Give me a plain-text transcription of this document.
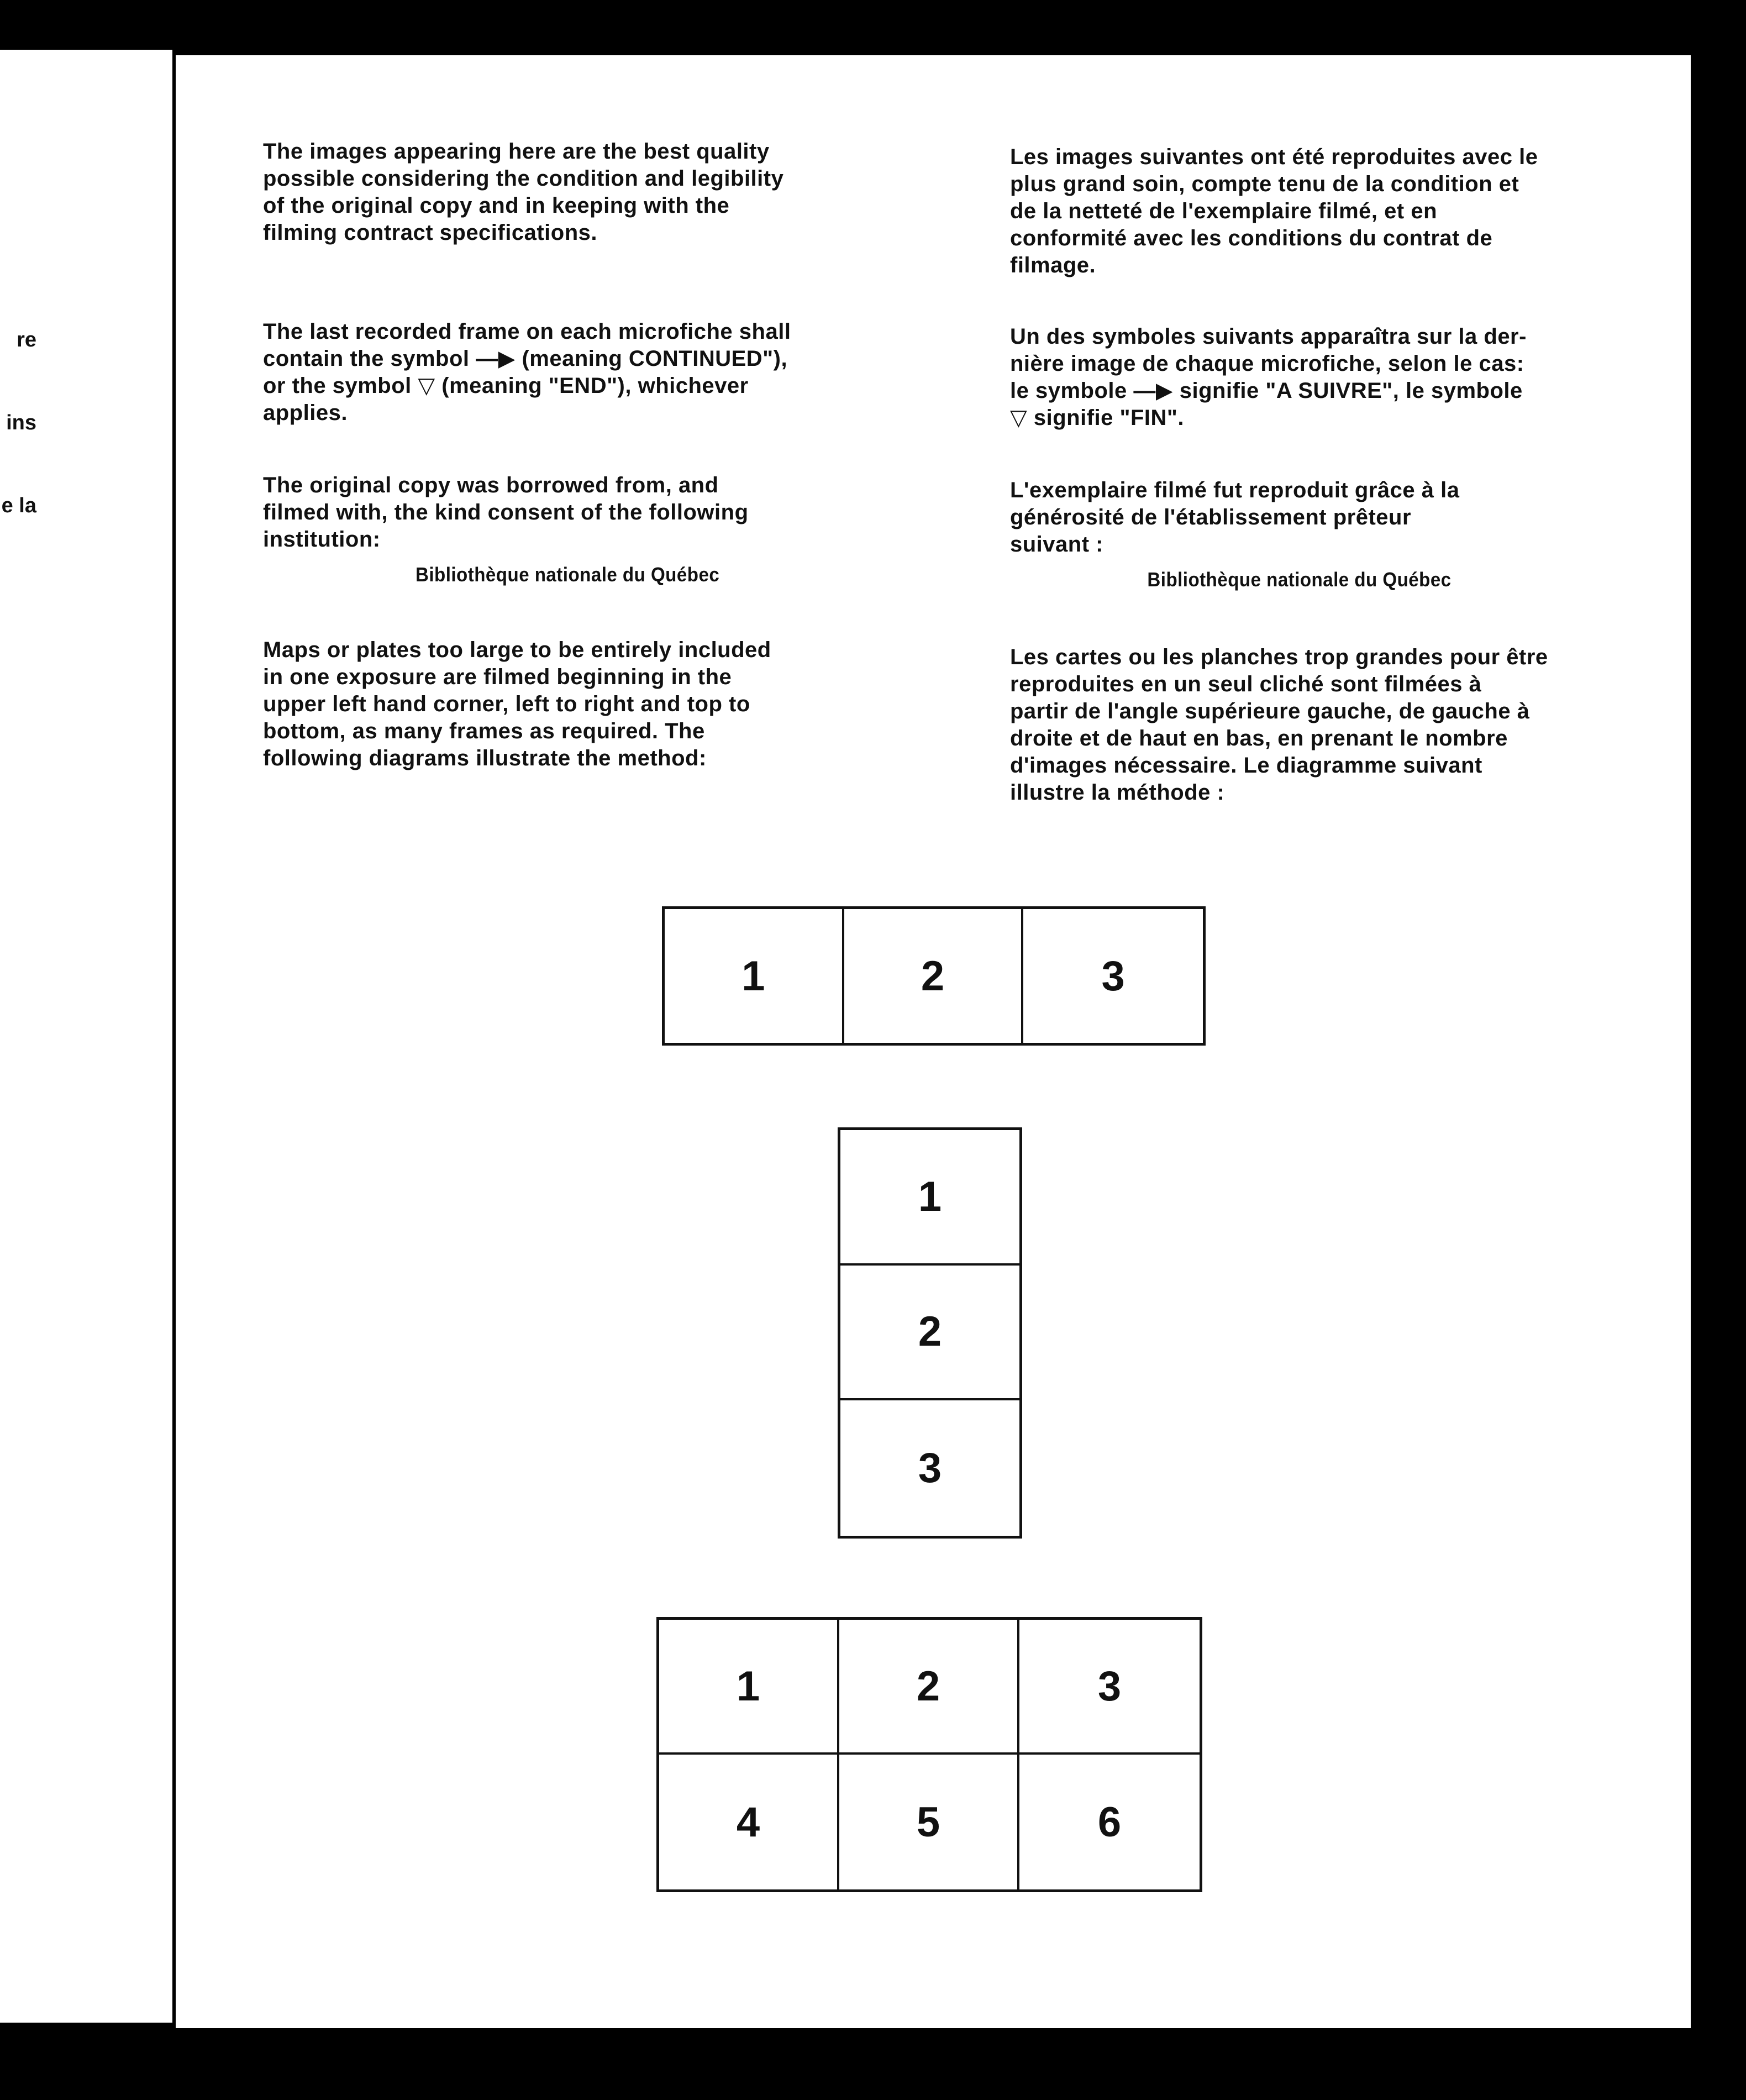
re

ins

e la

The images appearing here are the best quality
possible considering the condition and legibility
of the original copy and in keeping with the
filming contract specifications.

The last recorded frame on each microfiche shall
contain the symbol —▶ (meaning CONTINUED"),
or the symbol ▽ (meaning "END"), whichever
applies.

The original copy was borrowed from, and
filmed with, the kind consent of the following
institution:

Bibliothèque nationale du Québec

Maps or plates too large to be entirely included
in one exposure are filmed beginning in the
upper left hand corner, left to right and top to
bottom, as many frames as required. The
following diagrams illustrate the method:

Les images suivantes ont été reproduites avec le
plus grand soin, compte tenu de la condition et
de la netteté de l'exemplaire filmé, et en
conformité avec les conditions du contrat de
filmage.

Un des symboles suivants apparaîtra sur la der-
nière image de chaque microfiche, selon le cas:
le symbole —▶ signifie "A SUIVRE", le symbole
▽ signifie "FIN".

L'exemplaire filmé fut reproduit grâce à la
générosité de l'établissement prêteur
suivant :

Bibliothèque nationale du Québec

Les cartes ou les planches trop grandes pour être
reproduites en un seul cliché sont filmées à
partir de l'angle supérieure gauche, de gauche à
droite et de haut en bas, en prenant le nombre
d'images nécessaire. Le diagramme suivant
illustre la méthode :

1	2	3
1
2
3
1	2	3
4	5	6
